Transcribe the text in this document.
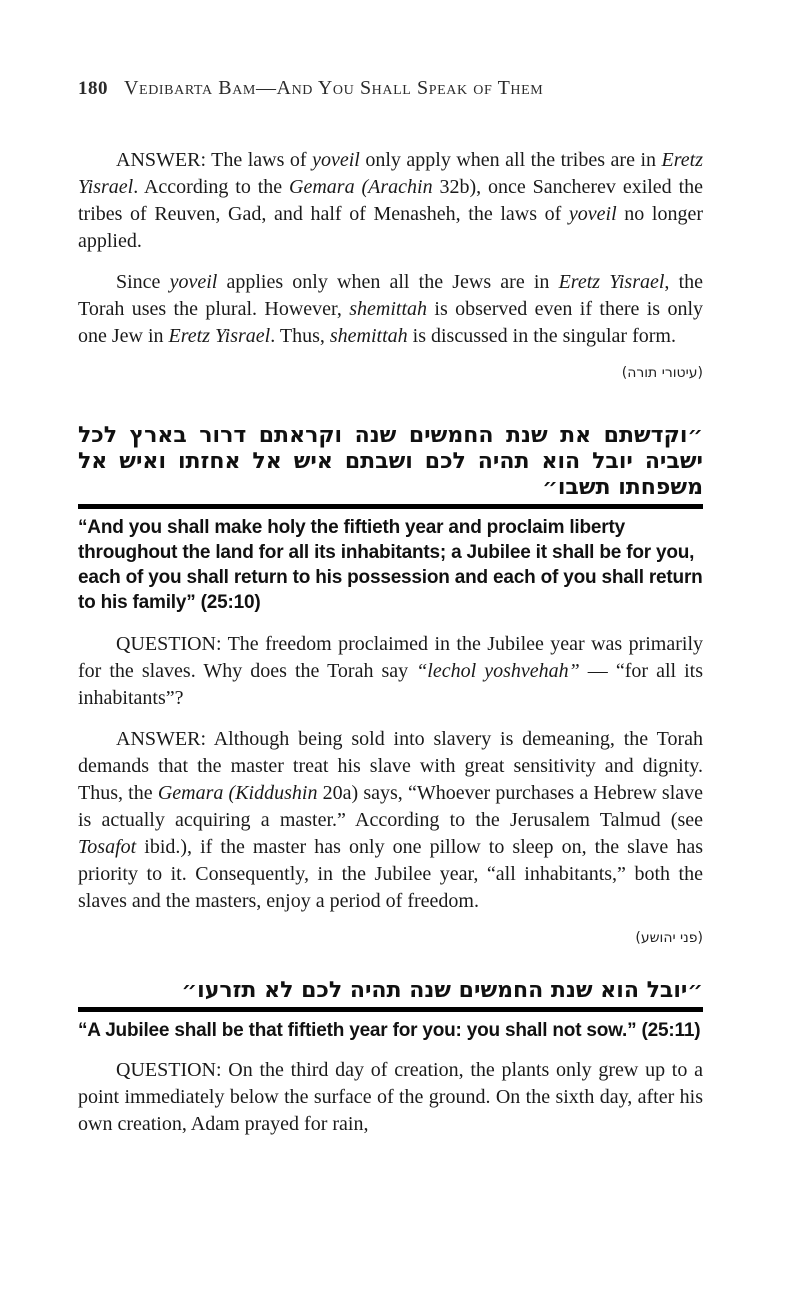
180 Vedibarta Bam—And You Shall Speak of Them

ANSWER: The laws of yoveil only apply when all the tribes are in Eretz Yisrael. According to the Gemara (Arachin 32b), once Sancherev exiled the tribes of Reuven, Gad, and half of Menasheh, the laws of yoveil no longer applied.

Since yoveil applies only when all the Jews are in Eretz Yisrael, the Torah uses the plural. However, shemittah is observed even if there is only one Jew in Eretz Yisrael. Thus, shemittah is discussed in the singular form.

(עיטורי תורה)
״וקדשתם את שנת החמשים שנה וקראתם דרור בארץ לכל ישביה יובל הוא תהיה לכם ושבתם איש אל אחזתו ואיש אל משפחתו תשבו״

“And you shall make holy the fiftieth year and proclaim liberty throughout the land for all its inhabitants; a Jubilee it shall be for you, each of you shall return to his possession and each of you shall return to his family” (25:10)

QUESTION: The freedom proclaimed in the Jubilee year was primarily for the slaves. Why does the Torah say “lechol yoshvehah” — “for all its inhabitants”?

ANSWER: Although being sold into slavery is demeaning, the Torah demands that the master treat his slave with great sensitivity and dignity. Thus, the Gemara (Kiddushin 20a) says, “Whoever purchases a Hebrew slave is actually acquiring a master.” According to the Jerusalem Talmud (see Tosafot ibid.), if the master has only one pillow to sleep on, the slave has priority to it. Consequently, in the Jubilee year, “all inhabitants,” both the slaves and the masters, enjoy a period of freedom.

(פני יהושע)
״יובל הוא שנת החמשים שנה תהיה לכם לא תזרעו״

“A Jubilee shall be that fiftieth year for you: you shall not sow.” (25:11)

QUESTION: On the third day of creation, the plants only grew up to a point immediately below the surface of the ground. On the sixth day, after his own creation, Adam prayed for rain,
